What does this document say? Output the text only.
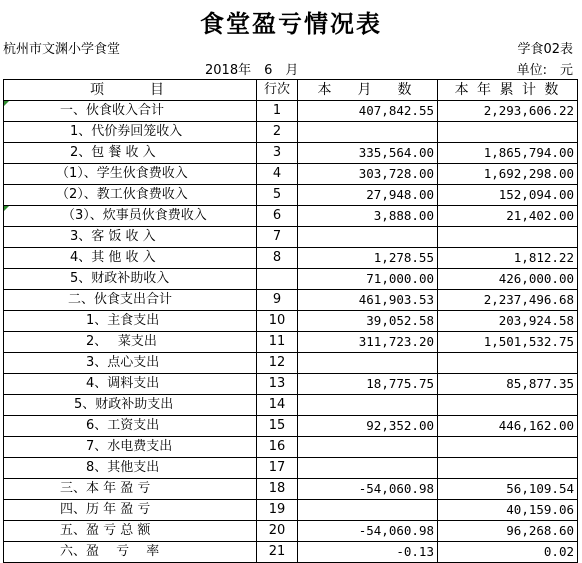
食堂盈亏情况表
杭州市文渊小学食堂	学食02表
2018年　6　月	单位:　元
项　　目	行次	本　月　数	本 年 累 计 数
一、伙食收入合计	1	407,842.55	2,293,606.22
1、代价券回笼收入	2		
2、包 餐 收 入	3	335,564.00	1,865,794.00
（1）、学生伙食费收入	4	303,728.00	1,692,298.00
（2）、教工伙食费收入	5	27,948.00	152,094.00
（3）、炊事员伙食费收入	6	3,888.00	21,402.00
3、客 饭 收 入	7		
4、其 他 收 入	8	1,278.55	1,812.22
5、财政补助收入		71,000.00	426,000.00
二、伙食支出合计	9	461,903.53	2,237,496.68
1、主食支出	10	39,052.58	203,924.58
2、　 菜支出	11	311,723.20	1,501,532.75
3、点心支出	12		
4、调料支出	13	18,775.75	85,877.35
5、财政补助支出	14		
6、工资支出	15	92,352.00	446,162.00
7、水电费支出	16		
8、其他支出	17		
三、本 年 盈 亏	18	-54,060.98	56,109.54
四、历 年 盈 亏	19		40,159.06
五、盈 亏 总 额	20	-54,060.98	96,268.60
六、盈　 亏　 率	21	-0.13	0.02
